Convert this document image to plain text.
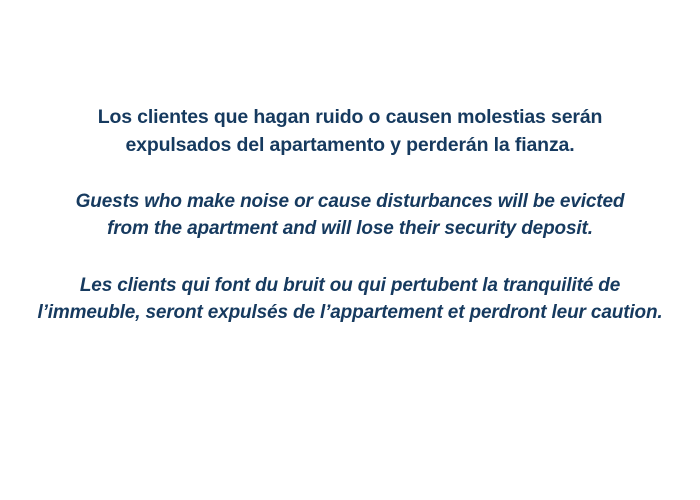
Los clientes que hagan ruido o causen molestias serán

expulsados del apartamento y perderán la fianza.

Guests who make noise or cause disturbances will be evicted

from the apartment and will lose their security deposit.

Les clients qui font du bruit ou qui pertubent la tranquilité de

l’immeuble, seront expulsés de l’appartement et perdront leur caution.
